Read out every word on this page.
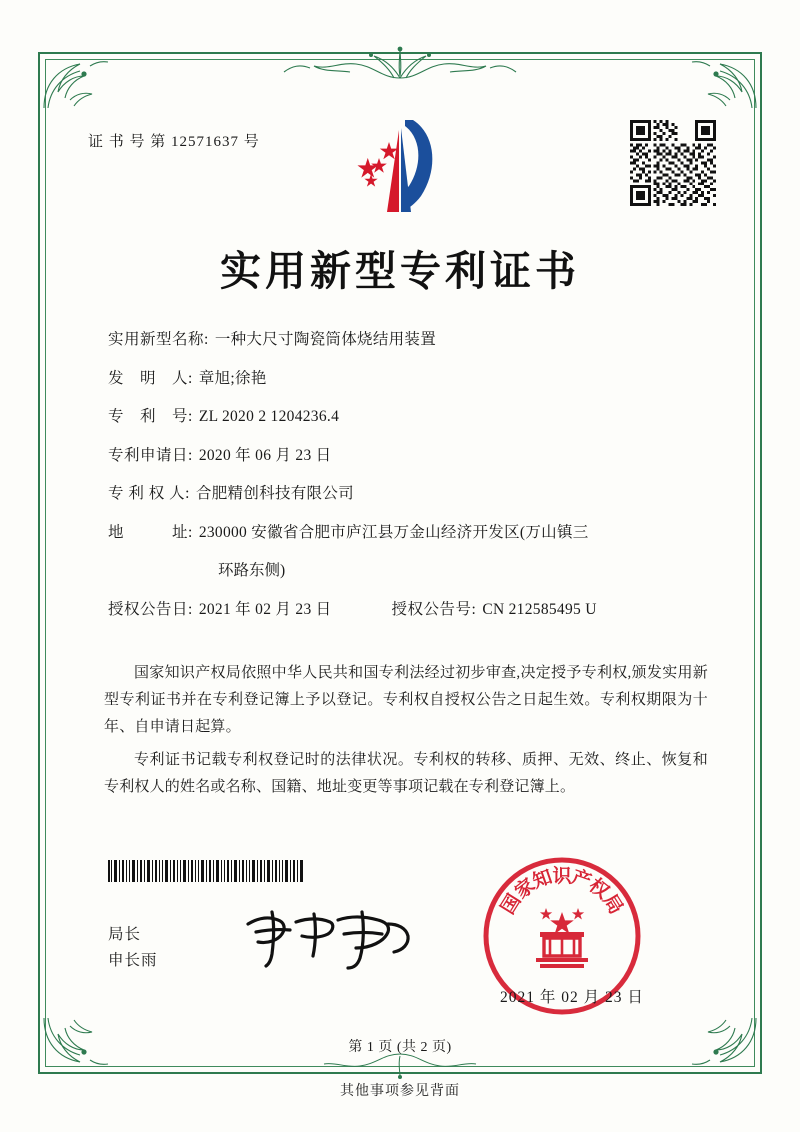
证 书 号 第 12571637 号
实用新型专利证书
实用新型名称: 一种大尺寸陶瓷筒体烧结用装置
发　明　人: 章旭;徐艳
专　利　号: ZL 2020 2 1204236.4
专利申请日: 2020 年 06 月 23 日
专 利 权 人: 合肥精创科技有限公司
地　　　址: 230000 安徽省合肥市庐江县万金山经济开发区(万山镇三
环路东侧)
授权公告日: 2021 年 02 月 23 日	授权公告号: CN 212585495 U

国家知识产权局依照中华人民共和国专利法经过初步审查,决定授予专利权,颁发实用新型专利证书并在专利登记簿上予以登记。专利权自授权公告之日起生效。专利权期限为十年、自申请日起算。

专利证书记载专利权登记时的法律状况。专利权的转移、质押、无效、终止、恢复和专利权人的姓名或名称、国籍、地址变更等事项记载在专利登记簿上。

局长
申长雨
国
家
知
识
产
权
局
2021 年 02 月 23 日
第 1 页 (共 2 页)
其他事项参见背面
